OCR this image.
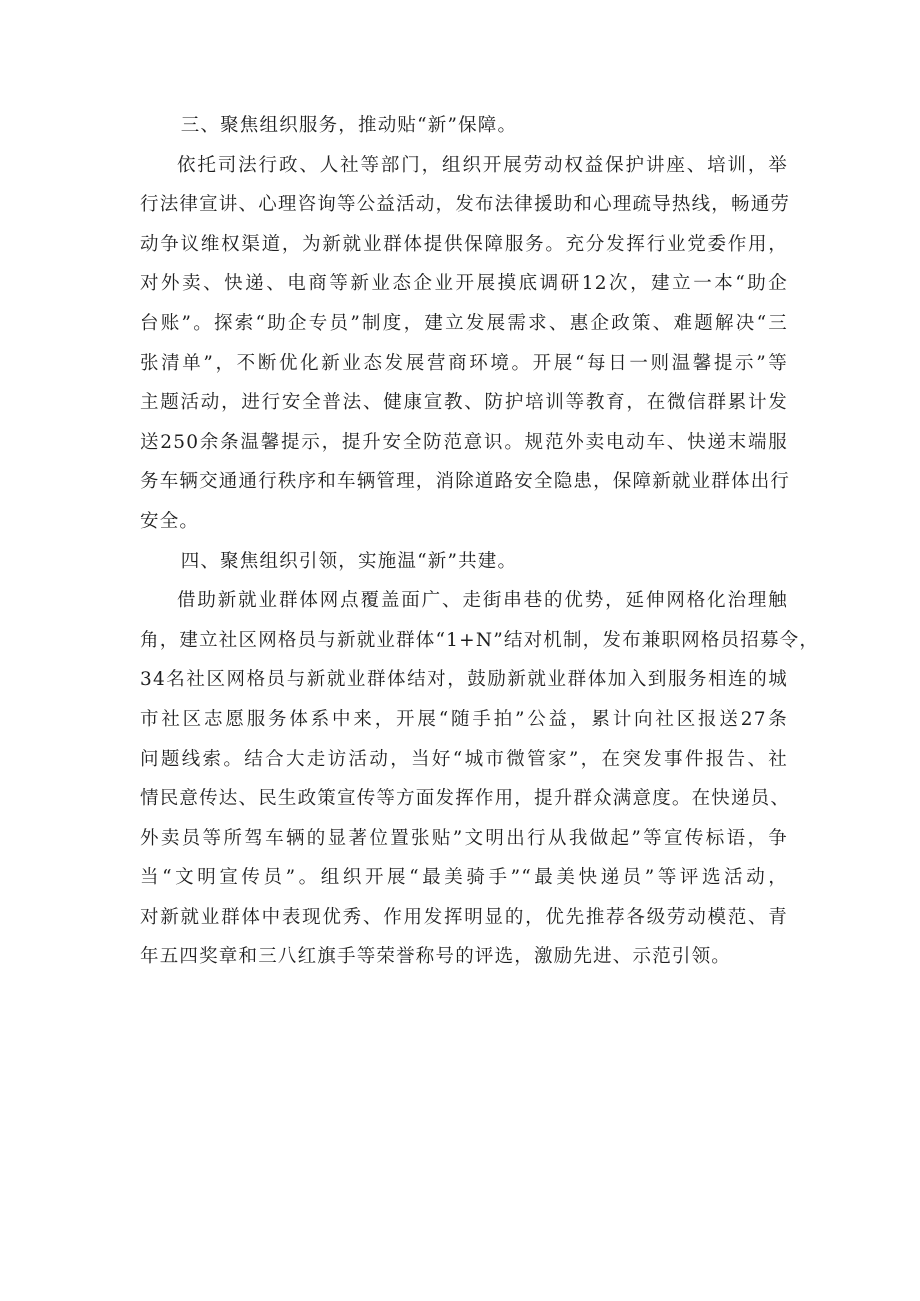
三、聚焦组织服务，推动贴“新”保障。

依托司法行政、人社等部门，组织开展劳动权益保护讲座、培训，举
行法律宣讲、心理咨询等公益活动，发布法律援助和心理疏导热线，畅通劳
动争议维权渠道，为新就业群体提供保障服务。充分发挥行业党委作用，
对外卖、快递、电商等新业态企业开展摸底调研12次，建立一本“助企
台账”。探索“助企专员”制度，建立发展需求、惠企政策、难题解决“三
张清单”，不断优化新业态发展营商环境。开展“每日一则温馨提示”等
主题活动，进行安全普法、健康宣教、防护培训等教育，在微信群累计发
送250余条温馨提示，提升安全防范意识。规范外卖电动车、快递末端服
务车辆交通通行秩序和车辆管理，消除道路安全隐患，保障新就业群体出行
安全。

四、聚焦组织引领，实施温“新”共建。

借助新就业群体网点覆盖面广、走街串巷的优势，延伸网格化治理触
角，建立社区网格员与新就业群体“1+N”结对机制，发布兼职网格员招募令，
34名社区网格员与新就业群体结对，鼓励新就业群体加入到服务相连的城
市社区志愿服务体系中来，开展“随手拍”公益，累计向社区报送27条
问题线索。结合大走访活动，当好“城市微管家”，在突发事件报告、社
情民意传达、民生政策宣传等方面发挥作用，提升群众满意度。在快递员、
外卖员等所驾车辆的显著位置张贴”文明出行从我做起”等宣传标语，争
当“文明宣传员”。组织开展“最美骑手”“最美快递员”等评选活动，
对新就业群体中表现优秀、作用发挥明显的，优先推荐各级劳动模范、青
年五四奖章和三八红旗手等荣誉称号的评选，激励先进、示范引领。
